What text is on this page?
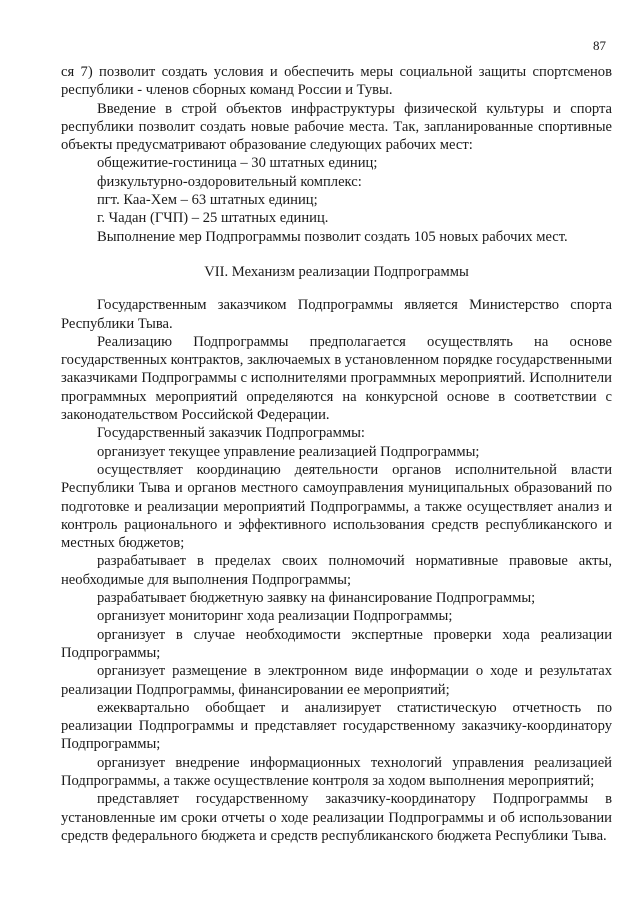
87

ся 7) позволит создать условия и обеспечить меры социальной защиты спортсменов республики - членов сборных команд России и Тувы.

Введение в строй объектов инфраструктуры физической культуры и спорта республики позволит создать новые рабочие места. Так, запланированные спортивные объекты предусматривают образование следующих рабочих мест:

общежитие-гостиница – 30 штатных единиц;

физкультурно-оздоровительный комплекс:

пгт. Каа-Хем – 63 штатных единиц;

г. Чадан (ГЧП) – 25 штатных единиц.

Выполнение мер Подпрограммы позволит создать 105 новых рабочих мест.

VII. Механизм реализации Подпрограммы

Государственным заказчиком Подпрограммы является Министерство спорта Республики Тыва.

Реализацию Подпрограммы предполагается осуществлять на основе государственных контрактов, заключаемых в установленном порядке государственными заказчиками Подпрограммы с исполнителями программных мероприятий. Исполнители программных мероприятий определяются на конкурсной основе в соответствии с законодательством Российской Федерации.

Государственный заказчик Подпрограммы:

организует текущее управление реализацией Подпрограммы;

осуществляет координацию деятельности органов исполнительной власти Республики Тыва и органов местного самоуправления муниципальных образований по подготовке и реализации мероприятий Подпрограммы, а также осуществляет анализ и контроль рационального и эффективного использования средств республиканского и местных бюджетов;

разрабатывает в пределах своих полномочий нормативные правовые акты, необходимые для выполнения Подпрограммы;

разрабатывает бюджетную заявку на финансирование Подпрограммы;

организует мониторинг хода реализации Подпрограммы;

организует в случае необходимости экспертные проверки хода реализации Подпрограммы;

организует размещение в электронном виде информации о ходе и результатах реализации Подпрограммы, финансировании ее мероприятий;

ежеквартально обобщает и анализирует статистическую отчетность по реализации Подпрограммы и представляет государственному заказчику-координатору Подпрограммы;

организует внедрение информационных технологий управления реализацией Подпрограммы, а также осуществление контроля за ходом выполнения мероприятий;

представляет государственному заказчику-координатору Подпрограммы в установленные им сроки отчеты о ходе реализации Подпрограммы и об использовании средств федерального бюджета и средств республиканского бюджета Республики Тыва.
